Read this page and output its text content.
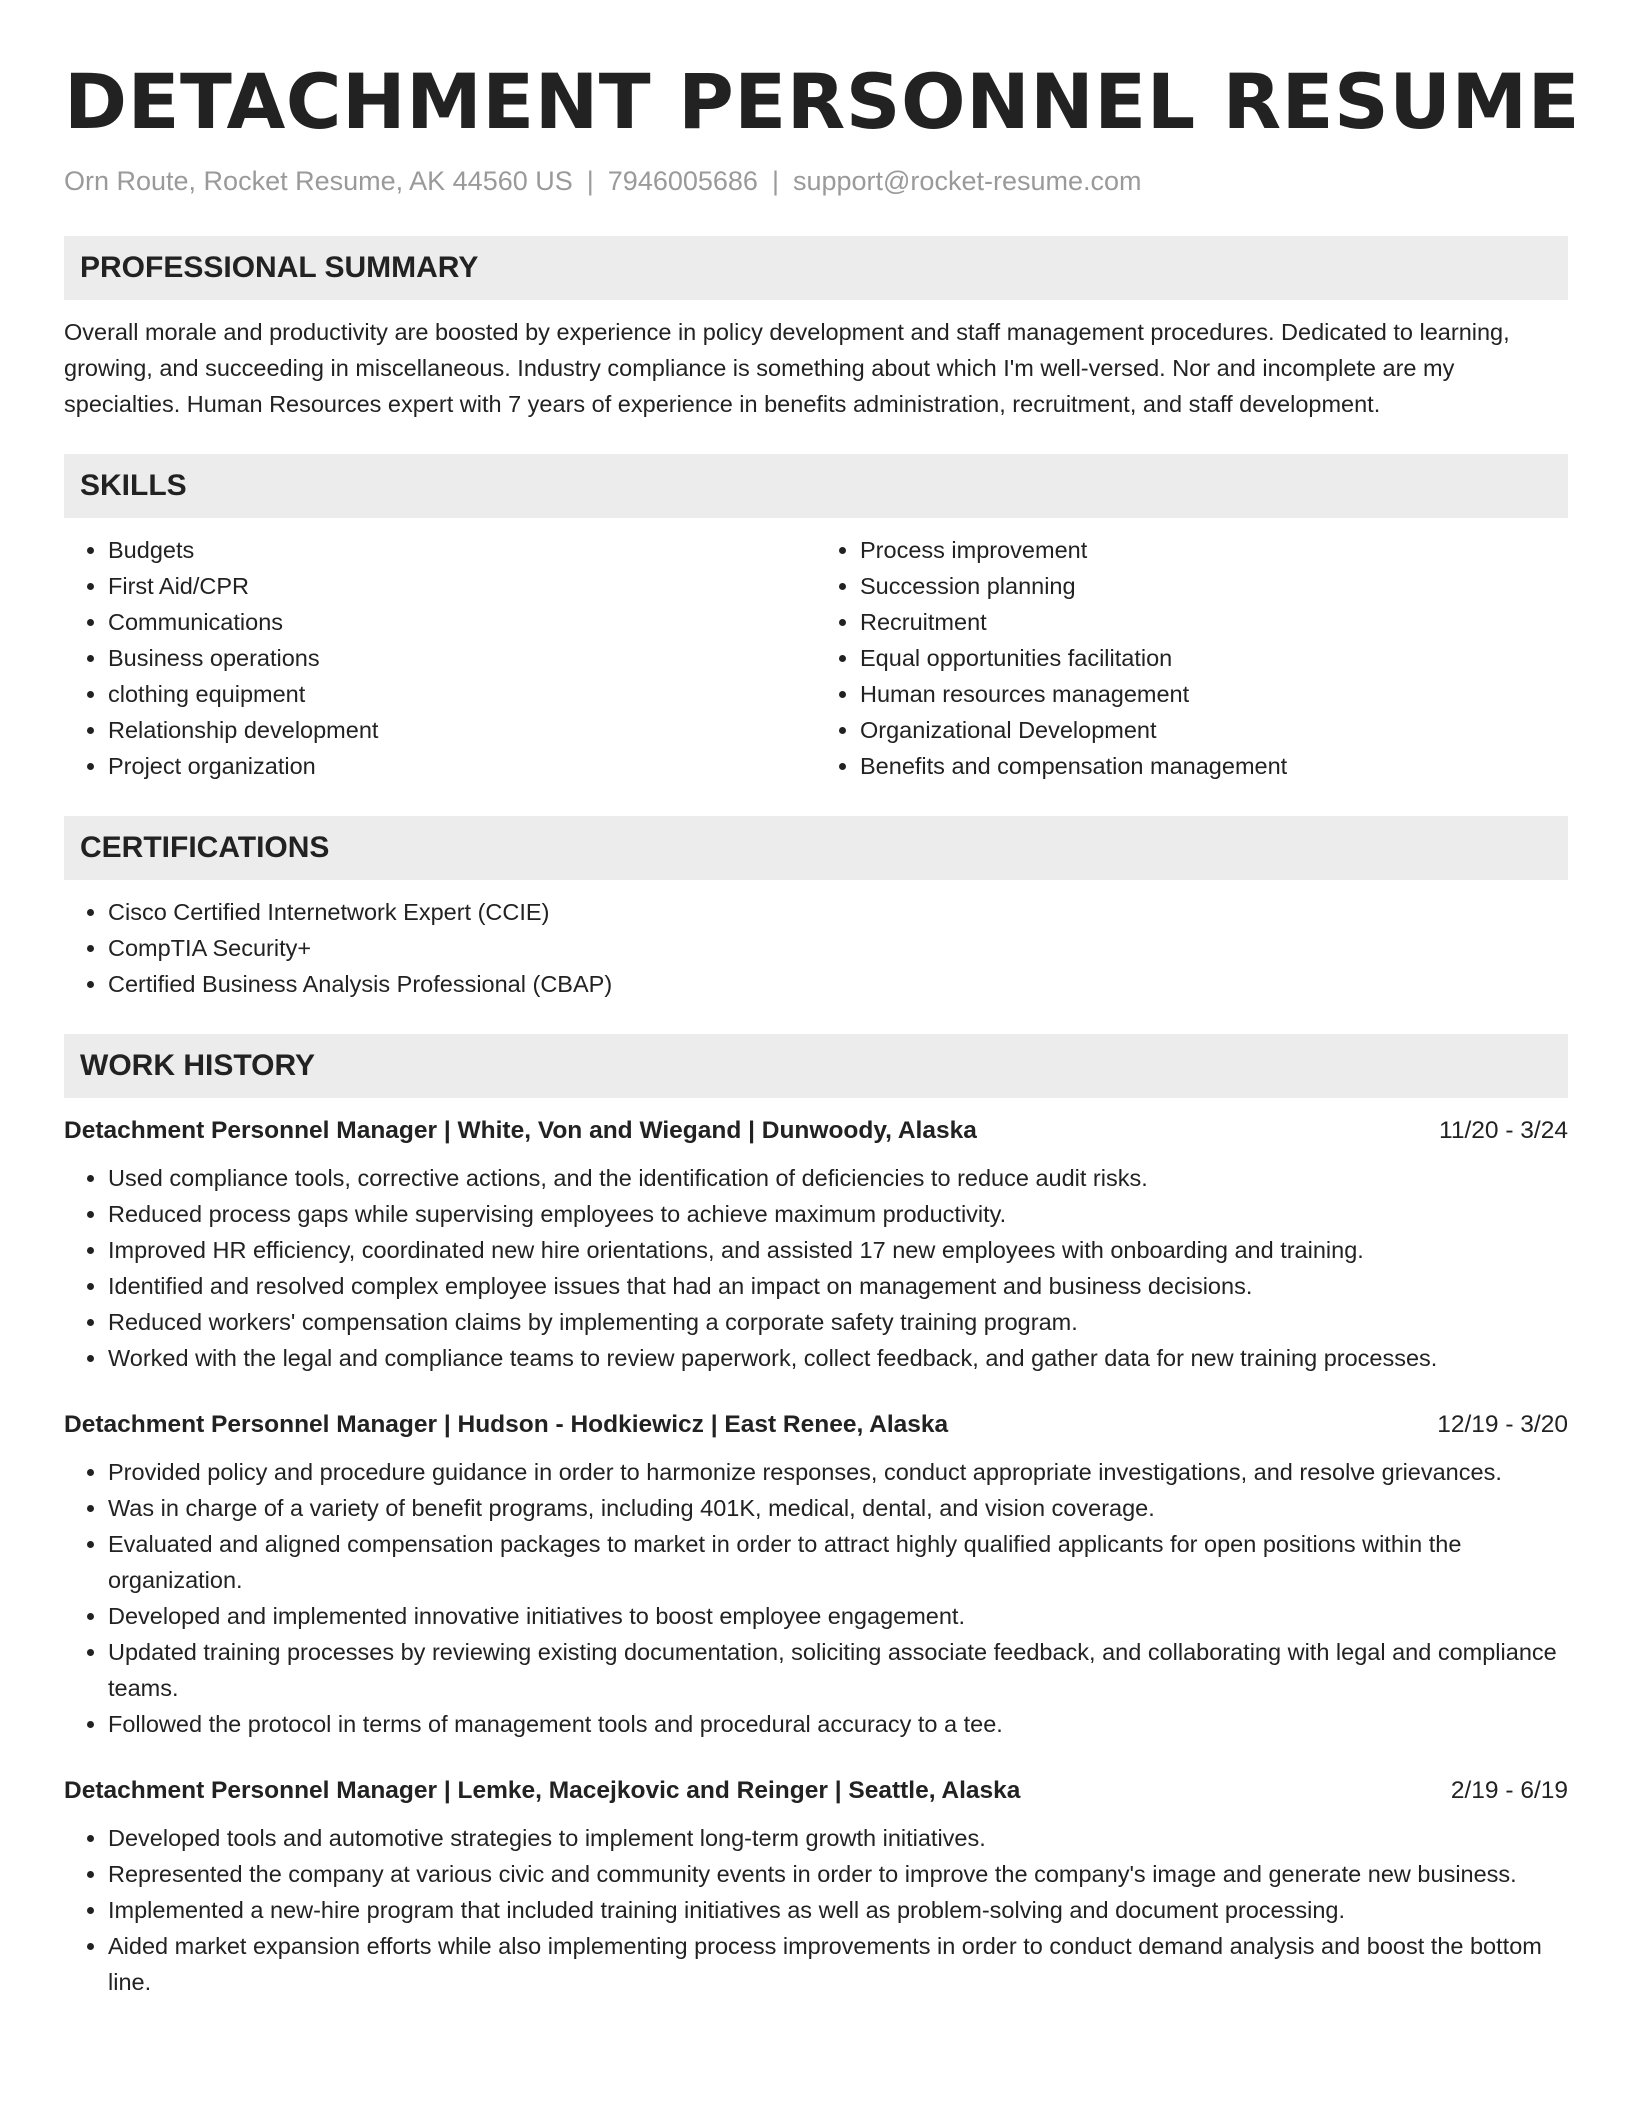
DETACHMENT PERSONNEL RESUME
Orn Route, Rocket Resume, AK 44560 US | 7946005686 | support@rocket-resume.com
PROFESSIONAL SUMMARY

Overall morale and productivity are boosted by experience in policy development and staff management procedures. Dedicated to learning, growing, and succeeding in miscellaneous. Industry compliance is something about which I'm well-versed. Nor and incomplete are my specialties. Human Resources expert with 7 years of experience in benefits administration, recruitment, and staff development.

SKILLS
• Budgets
• First Aid/CPR
• Communications
• Business operations
• clothing equipment
• Relationship development
• Project organization
• Process improvement
• Succession planning
• Recruitment
• Equal opportunities facilitation
• Human resources management
• Organizational Development
• Benefits and compensation management
CERTIFICATIONS
• Cisco Certified Internetwork Expert (CCIE)
• CompTIA Security+
• Certified Business Analysis Professional (CBAP)
WORK HISTORY
Detachment Personnel Manager | White, Von and Wiegand | Dunwoody, Alaska	11/20 - 3/24
• Used compliance tools, corrective actions, and the identification of deficiencies to reduce audit risks.
• Reduced process gaps while supervising employees to achieve maximum productivity.
• Improved HR efficiency, coordinated new hire orientations, and assisted 17 new employees with onboarding and training.
• Identified and resolved complex employee issues that had an impact on management and business decisions.
• Reduced workers' compensation claims by implementing a corporate safety training program.
• Worked with the legal and compliance teams to review paperwork, collect feedback, and gather data for new training processes.
Detachment Personnel Manager | Hudson - Hodkiewicz | East Renee, Alaska	12/19 - 3/20
• Provided policy and procedure guidance in order to harmonize responses, conduct appropriate investigations, and resolve grievances.
• Was in charge of a variety of benefit programs, including 401K, medical, dental, and vision coverage.
• Evaluated and aligned compensation packages to market in order to attract highly qualified applicants for open positions within the organization.
• Developed and implemented innovative initiatives to boost employee engagement.
• Updated training processes by reviewing existing documentation, soliciting associate feedback, and collaborating with legal and compliance teams.
• Followed the protocol in terms of management tools and procedural accuracy to a tee.
Detachment Personnel Manager | Lemke, Macejkovic and Reinger | Seattle, Alaska	2/19 - 6/19
• Developed tools and automotive strategies to implement long-term growth initiatives.
• Represented the company at various civic and community events in order to improve the company's image and generate new business.
• Implemented a new-hire program that included training initiatives as well as problem-solving and document processing.
• Aided market expansion efforts while also implementing process improvements in order to conduct demand analysis and boost the bottom line.
